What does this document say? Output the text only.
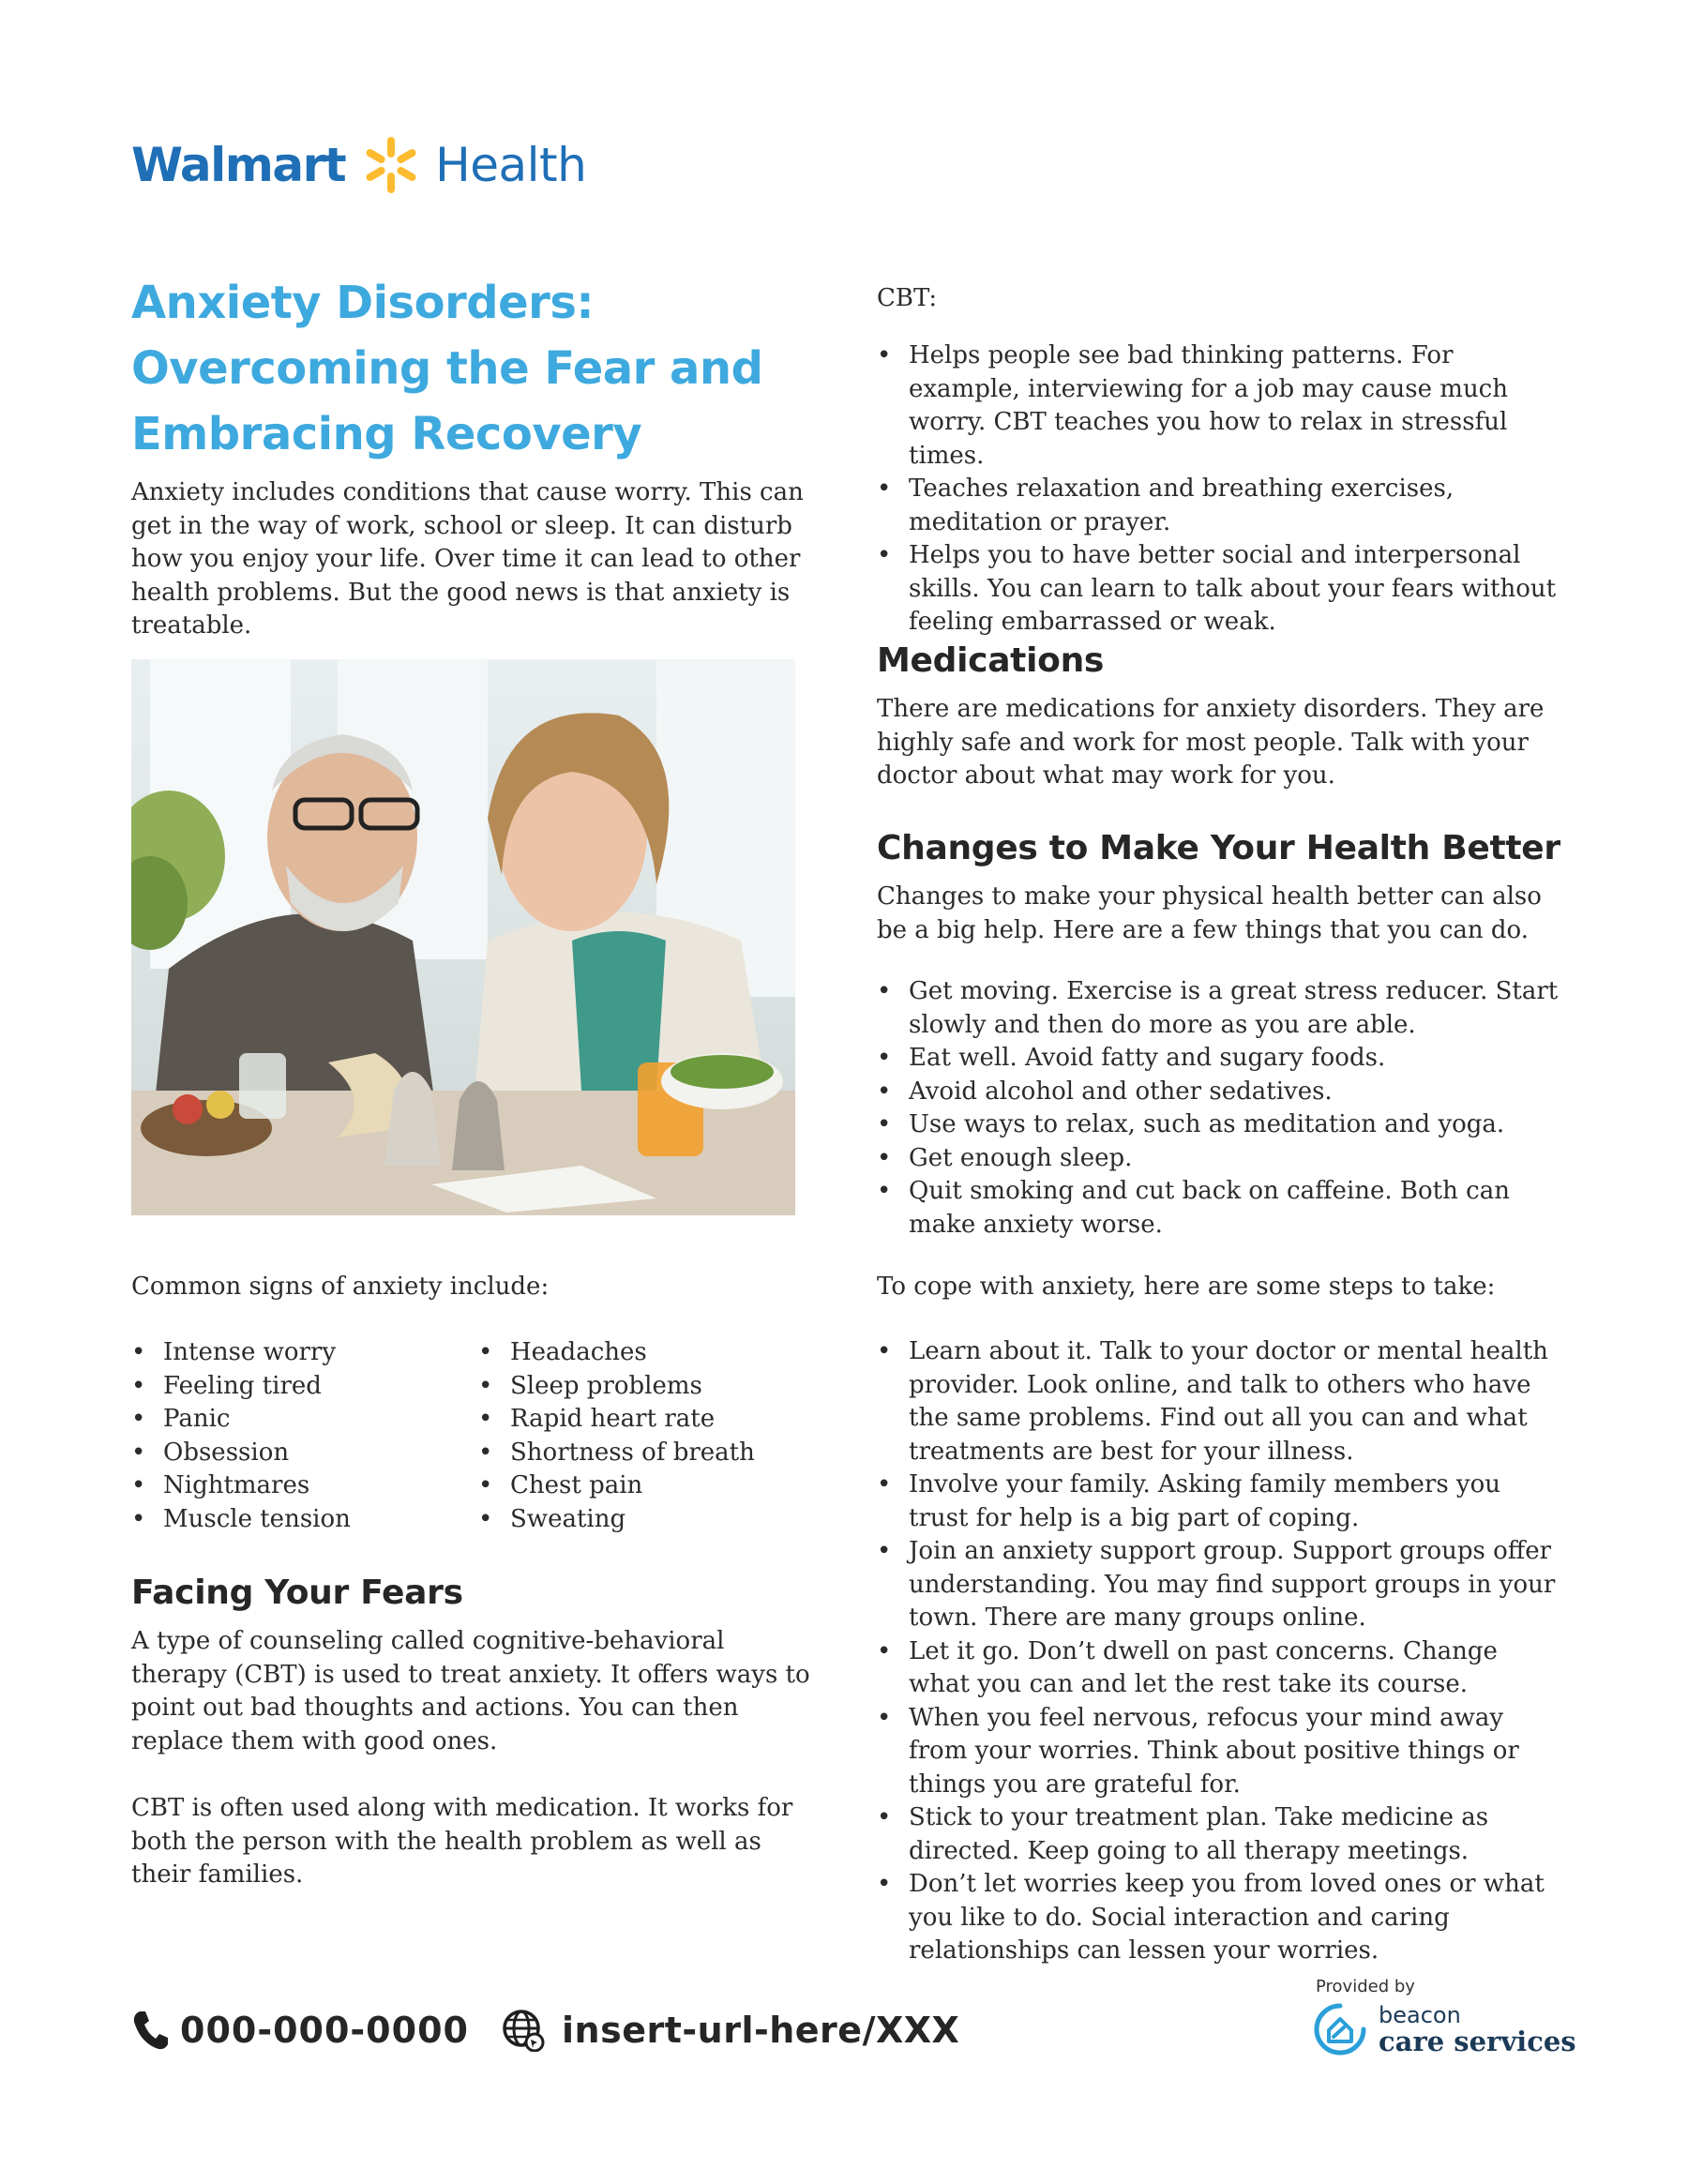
Walmart Health
Anxiety Disorders: Overcoming the Fear and Embracing Recovery

Anxiety includes conditions that cause worry. This can get in the way of work, school or sleep. It can disturb how you enjoy your life. Over time it can lead to other health problems. But the good news is that anxiety is treatable.

Common signs of anxiety include:

• Intense worry
• Feeling tired
• Panic
• Obsession
• Nightmares
• Muscle tension
• Headaches
• Sleep problems
• Rapid heart rate
• Shortness of breath
• Chest pain
• Sweating
Facing Your Fears

A type of counseling called cognitive-behavioral therapy (CBT) is used to treat anxiety. It offers ways to point out bad thoughts and actions. You can then replace them with good ones.

CBT is often used along with medication. It works for both the person with the health problem as well as their families.

CBT:

• Helps people see bad thinking patterns. For example, interviewing for a job may cause much worry. CBT teaches you how to relax in stressful times.
• Teaches relaxation and breathing exercises, meditation or prayer.
• Helps you to have better social and interpersonal skills. You can learn to talk about your fears without feeling embarrassed or weak.
Medications

There are medications for anxiety disorders. They are highly safe and work for most people. Talk with your doctor about what may work for you.

Changes to Make Your Health Better

Changes to make your physical health better can also be a big help. Here are a few things that you can do.

• Get moving. Exercise is a great stress reducer. Start slowly and then do more as you are able.
• Eat well. Avoid fatty and sugary foods.
• Avoid alcohol and other sedatives.
• Use ways to relax, such as meditation and yoga.
• Get enough sleep.
• Quit smoking and cut back on caffeine. Both can make anxiety worse.

To cope with anxiety, here are some steps to take:

• Learn about it. Talk to your doctor or mental health provider. Look online, and talk to others who have the same problems. Find out all you can and what treatments are best for your illness.
• Involve your family. Asking family members you trust for help is a big part of coping.
• Join an anxiety support group. Support groups offer understanding. You may find support groups in your town. There are many groups online.
• Let it go. Don’t dwell on past concerns. Change what you can and let the rest take its course.
• When you feel nervous, refocus your mind away from your worries. Think about positive things or things you are grateful for.
• Stick to your treatment plan. Take medicine as directed. Keep going to all therapy meetings.
• Don’t let worries keep you from loved ones or what you like to do. Social interaction and caring relationships can lessen your worries.
000-000-0000	insert-url-here/XXX
Provided by
beacon
care services
